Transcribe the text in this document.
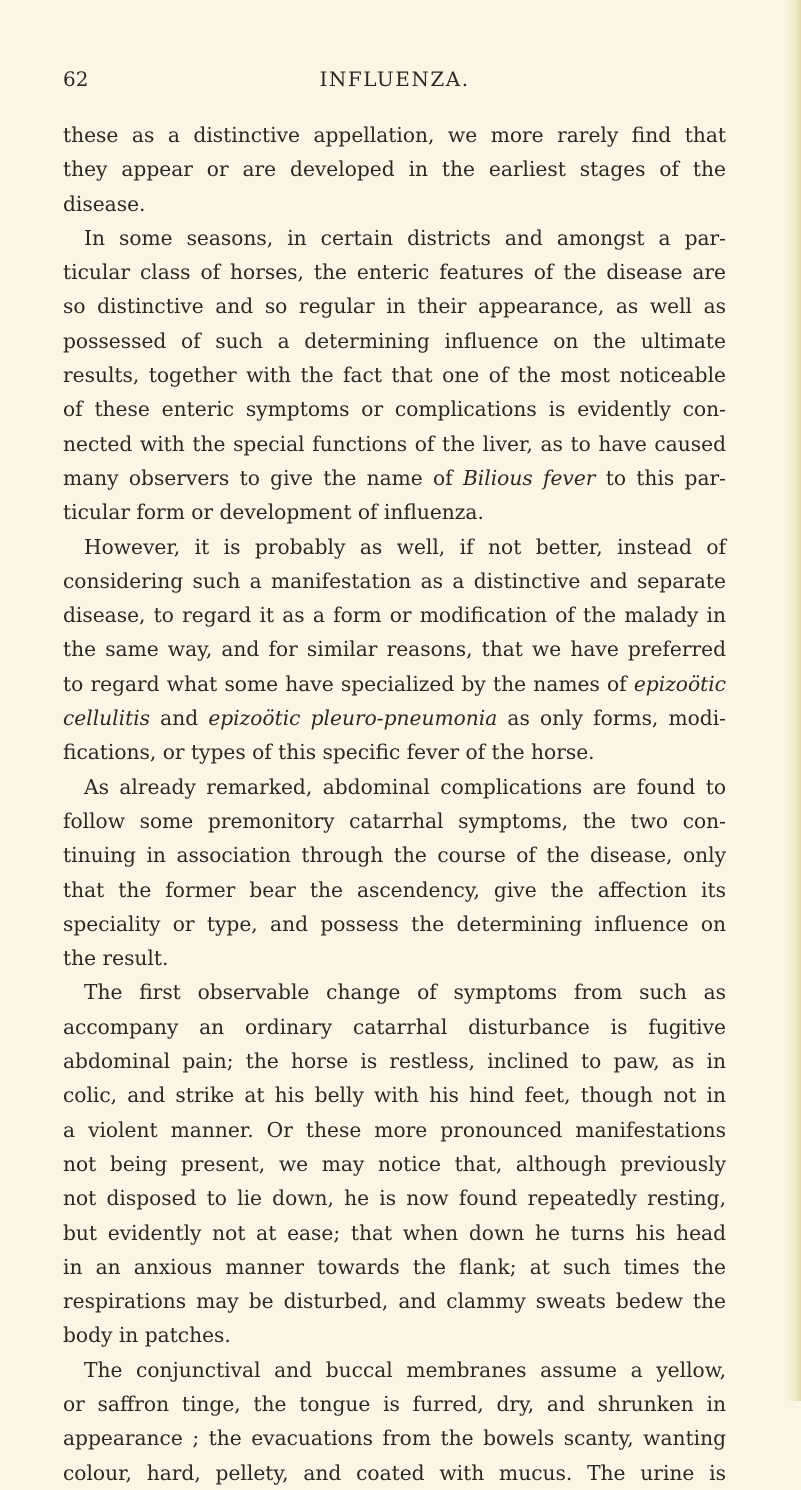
62	INFLUENZA.
these as a distinctive appellation, we more rarely find that
they appear or are developed in the earliest stages of the
disease.
In some seasons, in certain districts and amongst a par-
ticular class of horses, the enteric features of the disease are
so distinctive and so regular in their appearance, as well as
possessed of such a determining influence on the ultimate
results, together with the fact that one of the most noticeable
of these enteric symptoms or complications is evidently con-
nected with the special functions of the liver, as to have caused
many observers to give the name of Bilious fever to this par-
ticular form or development of influenza.
However, it is probably as well, if not better, instead of
considering such a manifestation as a distinctive and separate
disease, to regard it as a form or modification of the malady in
the same way, and for similar reasons, that we have preferred
to regard what some have specialized by the names of epizoötic
cellulitis and epizoötic pleuro-pneumonia as only forms, modi-
fications, or types of this specific fever of the horse.
As already remarked, abdominal complications are found to
follow some premonitory catarrhal symptoms, the two con-
tinuing in association through the course of the disease, only
that the former bear the ascendency, give the affection its
speciality or type, and possess the determining influence on
the result.
The first observable change of symptoms from such as
accompany an ordinary catarrhal disturbance is fugitive
abdominal pain; the horse is restless, inclined to paw, as in
colic, and strike at his belly with his hind feet, though not in
a violent manner. Or these more pronounced manifestations
not being present, we may notice that, although previously
not disposed to lie down, he is now found repeatedly resting,
but evidently not at ease; that when down he turns his head
in an anxious manner towards the flank; at such times the
respirations may be disturbed, and clammy sweats bedew the
body in patches.
The conjunctival and buccal membranes assume a yellow,
or saffron tinge, the tongue is furred, dry, and shrunken in
appearance ; the evacuations from the bowels scanty, wanting
colour, hard, pellety, and coated with mucus. The urine is
